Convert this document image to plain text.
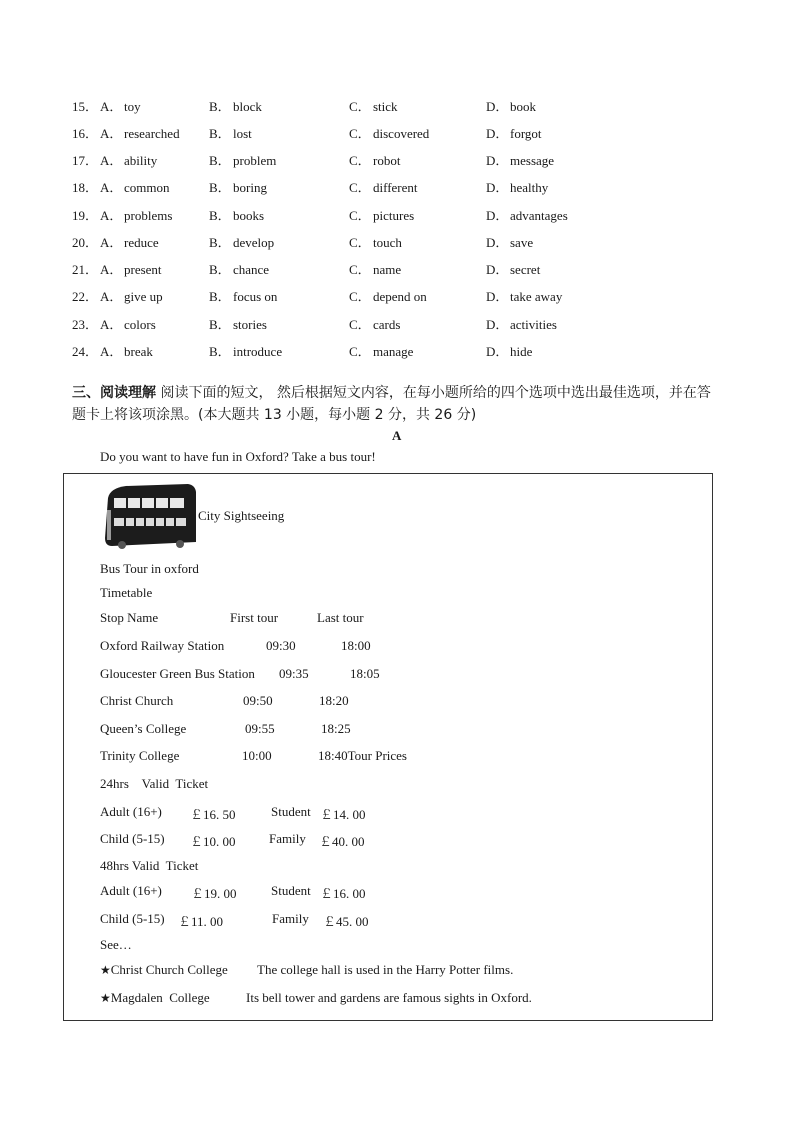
15． A． toy	B． block	C． stick	D． book
16． A． researched B． lost	C． discovered	D． forgot
17． A． ability	B． problem	C． robot	D． message
18． A． common	B． boring	C． different	D． healthy
19． A． problems	B． books	C． pictures	D． advantages
20． A． reduce	B． develop	C． touch	D． save
21． A． present	B． chance	C． name	D． secret
22． A． give up	B． focus on	C． depend on	D． take away
23． A． colors	B． stories	C． cards	D． activities
24． A． break	B． introduce	C． manage	D． hide
三、阅读理解 阅读下面的短文， 然后根据短文内容，在每小题所给的四个选项中选出最佳选项，并在答
题卡上将该项涂黑。(本大题共 13 小题，每小题 2 分，共 26 分)
A
Do you want to have fun in Oxford? Take a bus tour!
City Sightseeing
Bus Tour in oxford
Timetable
Stop Name	First tour	Last tour
Oxford Railway Station	09:30	18:00
Gloucester Green Bus Station 09:35	18:05
Christ Church	09:50	18:20
Queen’s College	09:55	18:25
Trinity College	10:00	18:40Tour Prices
24hrs    Valid  Ticket
Adult (16+) ￡16. 50	Student ￡14. 00
Child (5-15) ￡10. 00	Family ￡40. 00
48hrs Valid  Ticket
Adult (16+) ￡19. 00	Student ￡16. 00
Child (5-15) ￡11. 00	Family ￡45. 00
See…
★Christ Church College The college hall is used in the Harry Potter films.
★Magdalen  College	Its bell tower and gardens are famous sights in Oxford.
